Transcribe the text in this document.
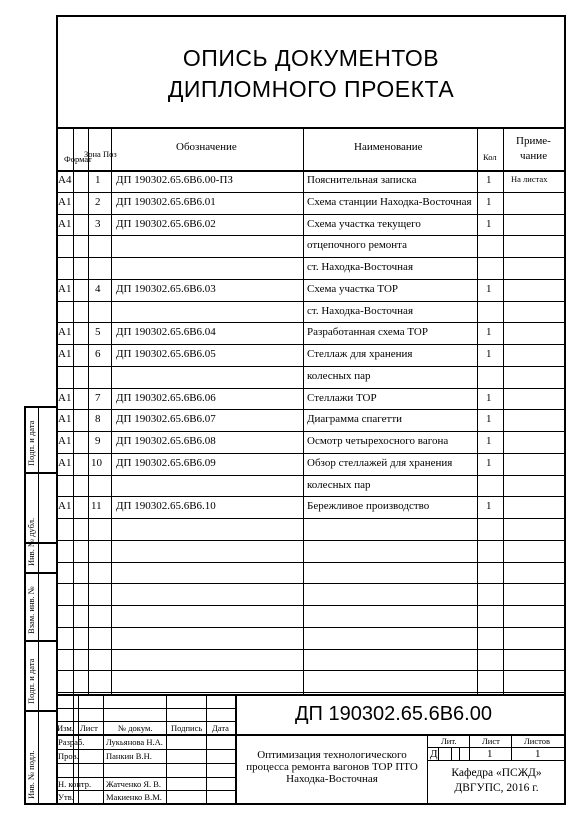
ОПИСЬ ДОКУМЕНТОВ
ДИПЛОМНОГО ПРОЕКТА
Формат
Зона Поз
Обозначение	Наименование
Кол
Приме-
чание
А4 1 ДП 190302.65.6В6.00-ПЗ	Пояснительная записка	1 На листах
А1 2 ДП 190302.65.6В6.01	Схема станции Находка-Восточная 1
А1 3 ДП 190302.65.6В6.02	Схема участка текущего	1
отцепочного ремонта
ст. Находка-Восточная
А1 4 ДП 190302.65.6В6.03	Схема участка ТОР	1
ст. Находка-Восточная
А1 5 ДП 190302.65.6В6.04	Разработанная схема ТОР	1
А1 6 ДП 190302.65.6В6.05	Стеллаж для хранения	1
колесных пар
А1 7 ДП 190302.65.6В6.06	Стеллажи ТОР	1
А1 8 ДП 190302.65.6В6.07	Диаграмма спагетти	1
А1 9 ДП 190302.65.6В6.08	Осмотр четырехосного вагона	1
А1 10 ДП 190302.65.6В6.09	Обзор стеллажей для хранения	1
колесных пар
А1 11 ДП 190302.65.6В6.10	Бережливое производство	1
Подп. и дата
Инв. № дубл.
Взам. инв. №
Подп. и дата
Инв. № подл.
Изм. Лист № докум. Подпись Дата
Разраб.	Лукьянова Н.А.
Пров.	Панкин В.Н.
Н. контр. Жатченко Я. В.
Утв.	Макиенко В.М.
ДП 190302.65.6В6.00
Оптимизация технологического
процесса ремонта вагонов ТОР ПТО
Находка-Восточная
Лит.	Лист	Листов
Д	1	1
Кафедра «ПСЖД»
ДВГУПС, 2016 г.
